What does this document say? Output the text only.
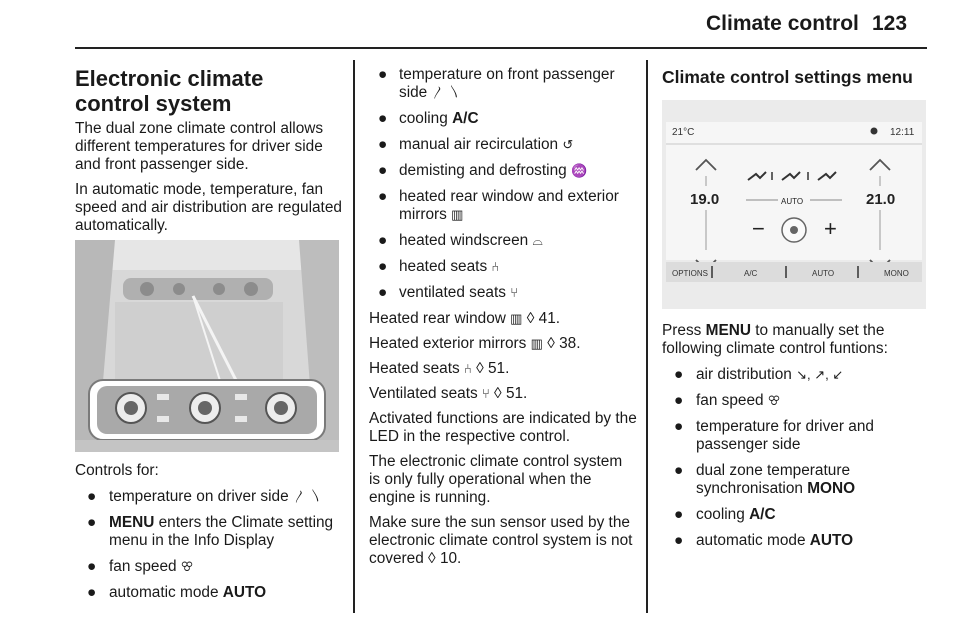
Climate control 123
Electronic climate control system

The dual zone climate control allows different temperatures for driver side and front passenger side.

In automatic mode, temperature, fan speed and air distribution are regulated automatically.

Controls for:

● temperature on driver side 〳 〵
● MENU enters the Climate setting menu in the Info Display
● fan speed ꕢ
● automatic mode AUTO
● temperature on front passenger side 〳 〵
● cooling A/C
● manual air recirculation ↺
● demisting and defrosting ♒
● heated rear window and exterior mirrors ▥
● heated windscreen ⌓
● heated seats ⑃
● ventilated seats ⑂

Heated rear window ▥ ◊ 41.

Heated exterior mirrors ▥ ◊ 38.

Heated seats ⑃ ◊ 51.

Ventilated seats ⑂ ◊ 51.

Activated functions are indicated by the LED in the respective control.

The electronic climate control system is only fully operational when the engine is running.

Make sure the sun sensor used by the electronic climate control system is not covered ◊ 10.

Climate control settings menu
21°C	12:11
19.0	21.0
AUTO
−	+
OPTIONS	A/C	AUTO	MONO

Press MENU to manually set the following climate control funtions:

● air distribution ↘, ↗, ↙
● fan speed ꕢ
● temperature for driver and passenger side
● dual zone temperature synchronisation MONO
● cooling A/C
● automatic mode AUTO
